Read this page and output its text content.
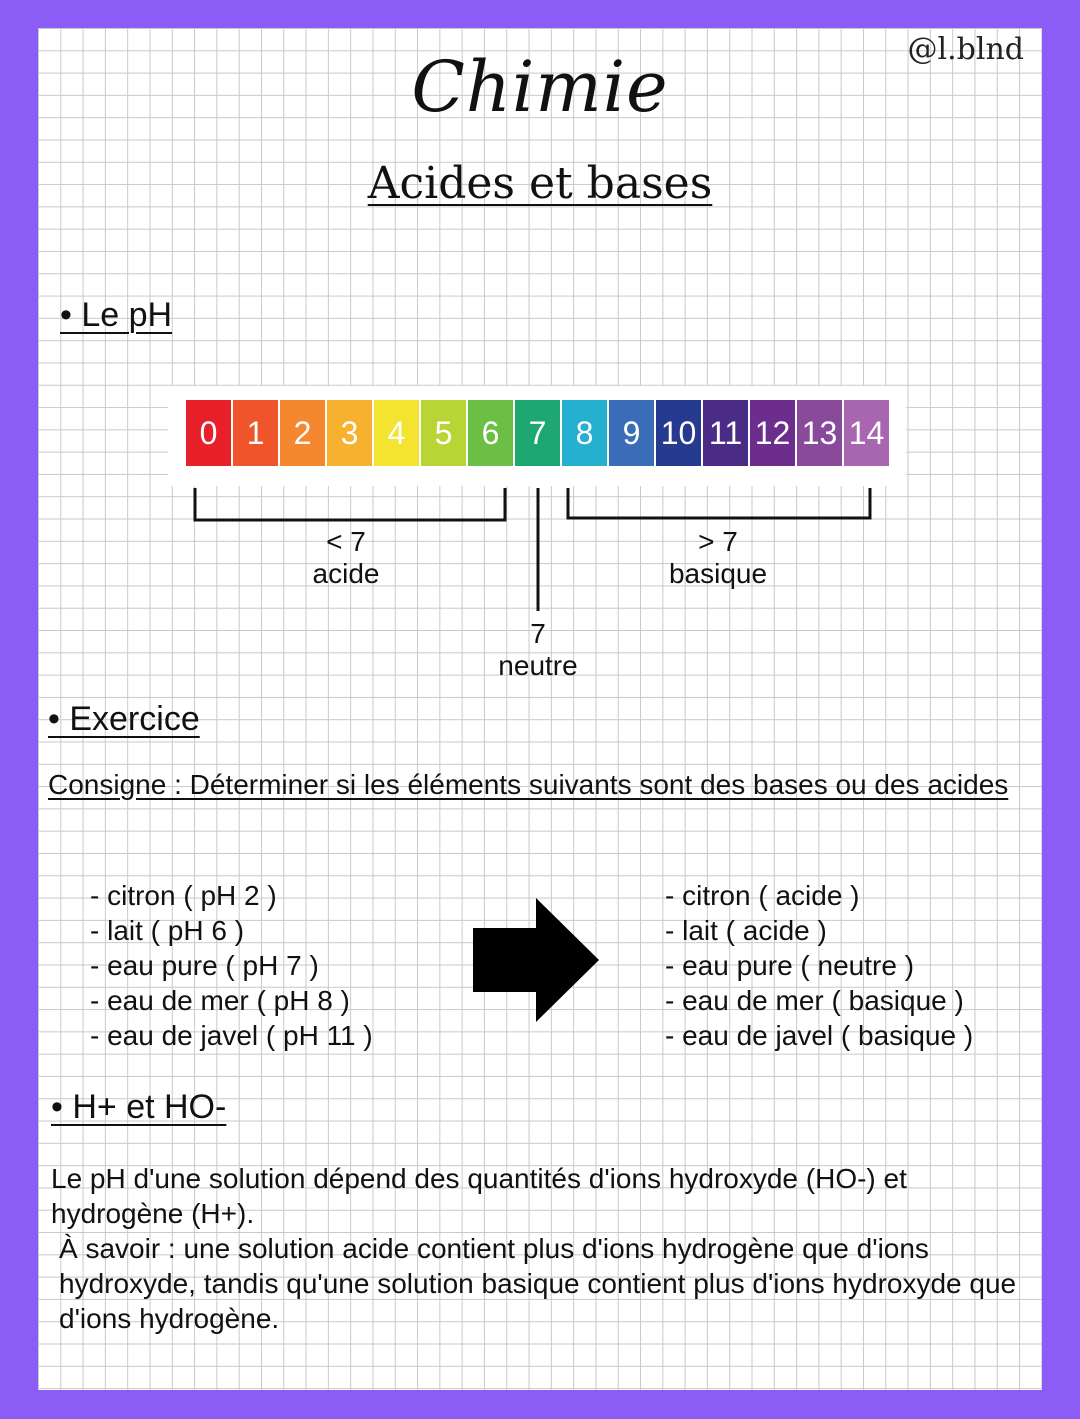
@l.blnd
Chimie
Acides et bases
• Le pH
0 1 2 3 4 5 6 7 8 9 10 11 12 13 14
< 7
acide
> 7
basique
7
neutre
• Exercice
Consigne : Déterminer si les éléments suivants sont des bases ou des acides
- citron ( pH 2 )
- lait ( pH 6 )
- eau pure ( pH 7 )
- eau de mer ( pH 8 )
- eau de javel ( pH 11 )
- citron ( acide )
- lait ( acide )
- eau pure ( neutre )
- eau de mer ( basique )
- eau de javel ( basique )
• H+ et HO-
Le pH d'une solution dépend des quantités d'ions hydroxyde (HO-) et hydrogène (H+).
À savoir : une solution acide contient plus d'ions hydrogène que d'ions hydroxyde, tandis qu'une solution basique contient plus d'ions hydroxyde que d'ions hydrogène.
